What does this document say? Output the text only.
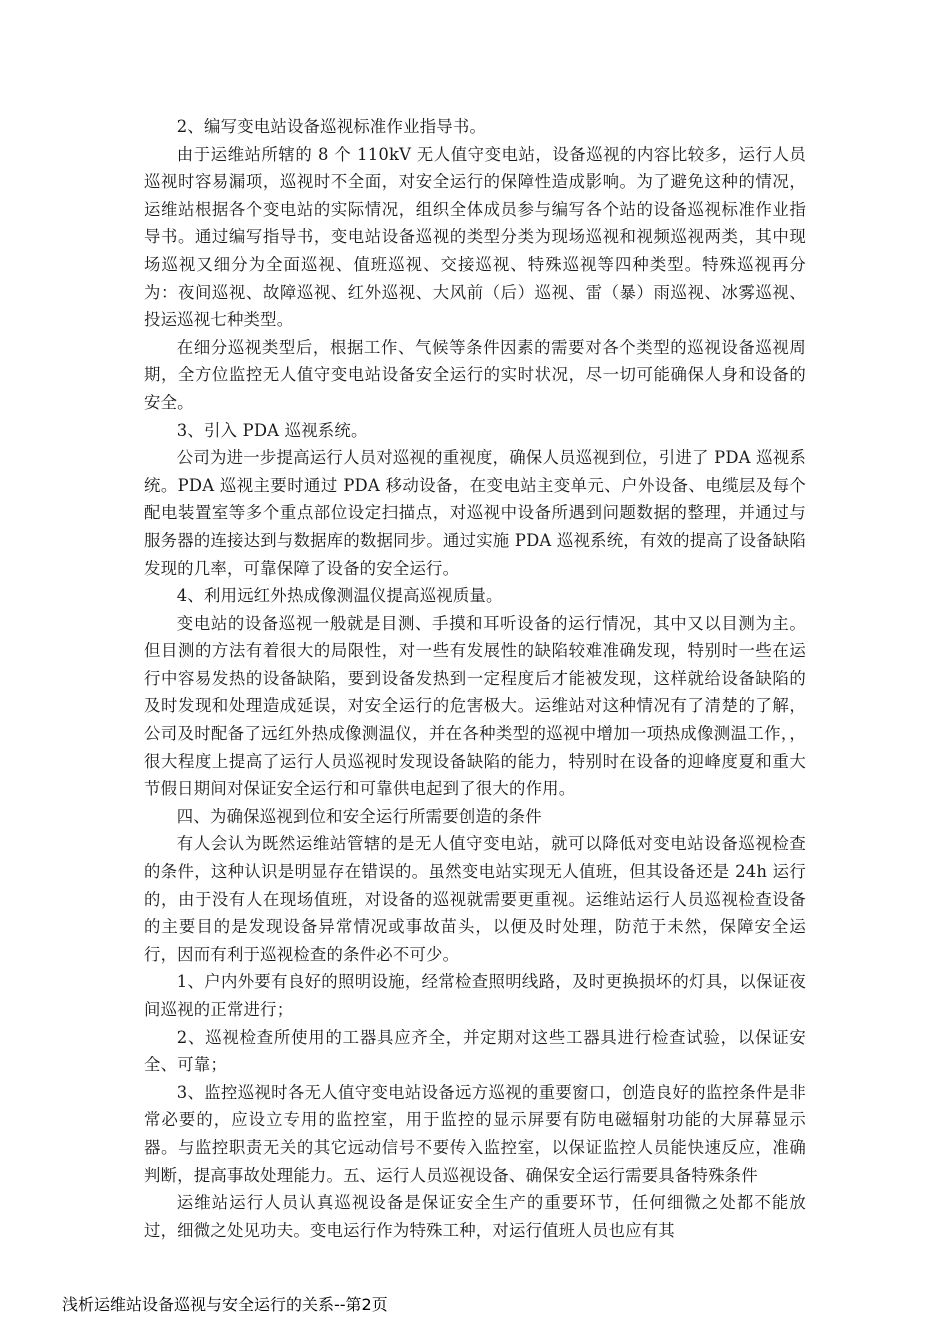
2、编写变电站设备巡视标准作业指导书。

由于运维站所辖的 8 个 110kV 无人值守变电站，设备巡视的内容比较多，运行人员巡视时容易漏项，巡视时不全面，对安全运行的保障性造成影响。为了避免这种的情况，运维站根据各个变电站的实际情况，组织全体成员参与编写各个站的设备巡视标准作业指导书。通过编写指导书，变电站设备巡视的类型分类为现场巡视和视频巡视两类，其中现场巡视又细分为全面巡视、值班巡视、交接巡视、特殊巡视等四种类型。特殊巡视再分为：夜间巡视、故障巡视、红外巡视、大风前（后）巡视、雷（暴）雨巡视、冰雾巡视、投运巡视七种类型。

在细分巡视类型后，根据工作、气候等条件因素的需要对各个类型的巡视设备巡视周期，全方位监控无人值守变电站设备安全运行的实时状况，尽一切可能确保人身和设备的安全。

3、引入 PDA 巡视系统。

公司为进一步提高运行人员对巡视的重视度，确保人员巡视到位，引进了 PDA 巡视系统。PDA 巡视主要时通过 PDA 移动设备，在变电站主变单元、户外设备、电缆层及每个配电装置室等多个重点部位设定扫描点，对巡视中设备所遇到问题数据的整理，并通过与服务器的连接达到与数据库的数据同步。通过实施 PDA 巡视系统，有效的提高了设备缺陷发现的几率，可靠保障了设备的安全运行。

4、利用远红外热成像测温仪提高巡视质量。

变电站的设备巡视一般就是目测、手摸和耳听设备的运行情况，其中又以目测为主。但目测的方法有着很大的局限性，对一些有发展性的缺陷较难准确发现，特别时一些在运行中容易发热的设备缺陷，要到设备发热到一定程度后才能被发现，这样就给设备缺陷的及时发现和处理造成延误，对安全运行的危害极大。运维站对这种情况有了清楚的了解，公司及时配备了远红外热成像测温仪，并在各种类型的巡视中增加一项热成像测温工作，，很大程度上提高了运行人员巡视时发现设备缺陷的能力，特别时在设备的迎峰度夏和重大节假日期间对保证安全运行和可靠供电起到了很大的作用。

四、为确保巡视到位和安全运行所需要创造的条件

有人会认为既然运维站管辖的是无人值守变电站，就可以降低对变电站设备巡视检查的条件，这种认识是明显存在错误的。虽然变电站实现无人值班，但其设备还是 24h 运行的，由于没有人在现场值班，对设备的巡视就需要更重视。运维站运行人员巡视检查设备的主要目的是发现设备异常情况或事故苗头，以便及时处理，防范于未然，保障安全运行，因而有利于巡视检查的条件必不可少。

1、户内外要有良好的照明设施，经常检查照明线路，及时更换损坏的灯具，以保证夜间巡视的正常进行；

2、巡视检查所使用的工器具应齐全，并定期对这些工器具进行检查试验，以保证安全、可靠；

3、监控巡视时各无人值守变电站设备远方巡视的重要窗口，创造良好的监控条件是非常必要的，应设立专用的监控室，用于监控的显示屏要有防电磁辐射功能的大屏幕显示器。与监控职责无关的其它远动信号不要传入监控室，以保证监控人员能快速反应，准确判断，提高事故处理能力。五、运行人员巡视设备、确保安全运行需要具备特殊条件

运维站运行人员认真巡视设备是保证安全生产的重要环节，任何细微之处都不能放过，细微之处见功夫。变电运行作为特殊工种，对运行值班人员也应有其

浅析运维站设备巡视与安全运行的关系--第2页
